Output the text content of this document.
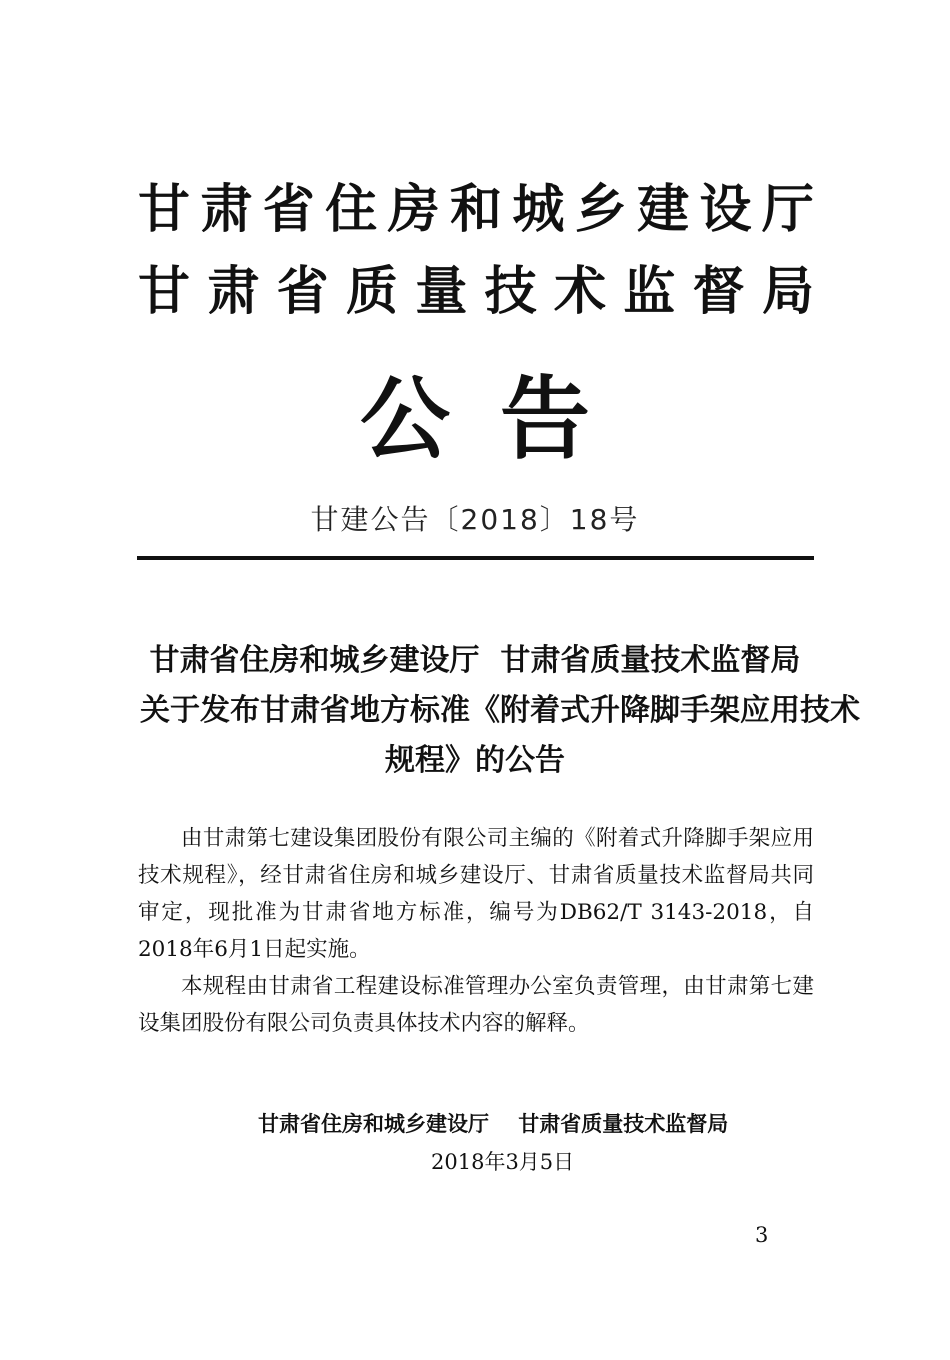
甘 肃 省 住 房 和 城 乡 建 设 厅
甘 肃 省 质 量 技 术 监 督 局
公 告
甘建公告〔2018〕18号
甘肃省住房和城乡建设厅  甘肃省质量技术监督局
关于发布甘肃省地方标准《附着式升降脚手架应用技术
规程》的公告

由甘肃第七建设集团股份有限公司主编的《附着式升降脚手架应用技术规程》，经甘肃省住房和城乡建设厅、甘肃省质量技术监督局共同审定，现批准为甘肃省地方标准，编号为DB62/T 3143-2018，自2018年6月1日起实施。

本规程由甘肃省工程建设标准管理办公室负责管理，由甘肃第七建设集团股份有限公司负责具体技术内容的解释。

甘肃省住房和城乡建设厅    甘肃省质量技术监督局
2018年3月5日
3
